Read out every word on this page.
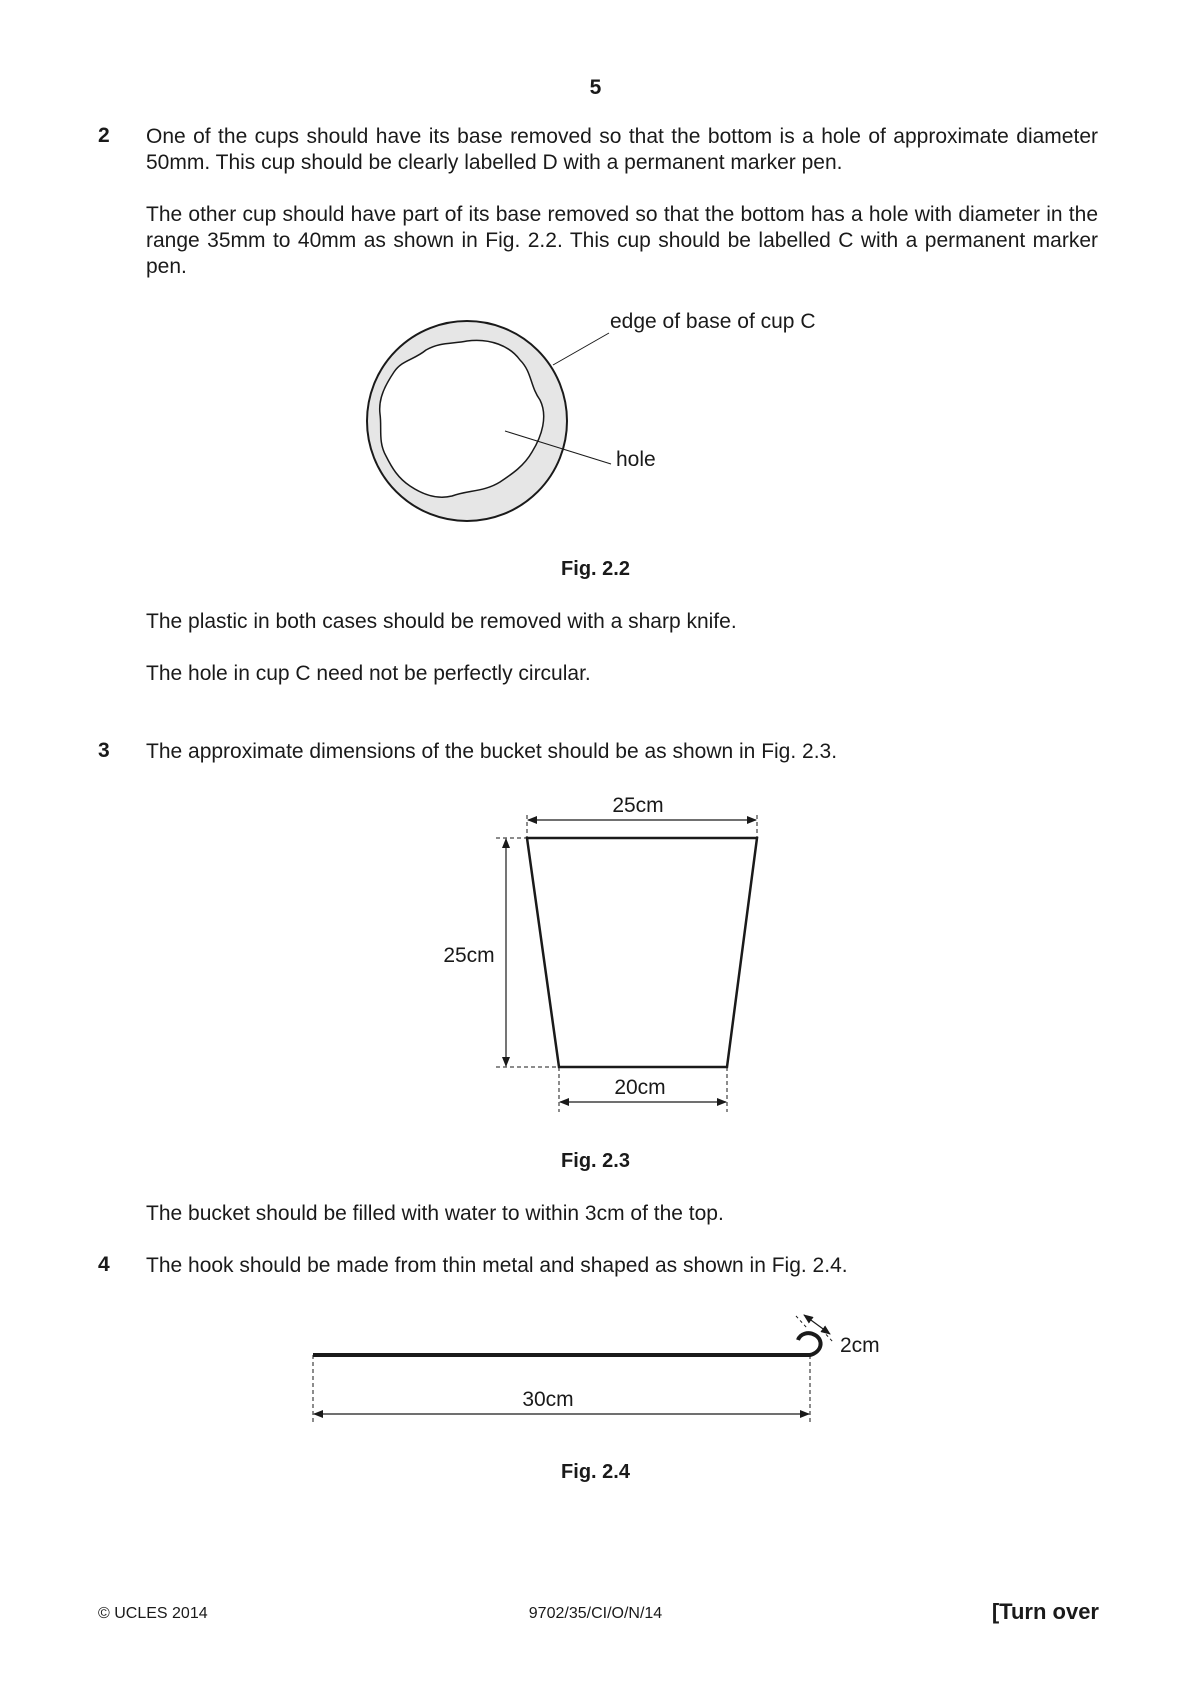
5
2 One of the cups should have its base removed so that the bottom is a hole of approximate diameter 50mm. This cup should be clearly labelled D with a permanent marker pen.
The other cup should have part of its base removed so that the bottom has a hole with diameter in the range 35mm to 40mm as shown in Fig. 2.2. This cup should be labelled C with a permanent marker pen.
edge of base of cup C
hole
Fig. 2.2
The plastic in both cases should be removed with a sharp knife.
The hole in cup C need not be perfectly circular.
3 The approximate dimensions of the bucket should be as shown in Fig. 2.3.
25cm
25cm
20cm
Fig. 2.3
The bucket should be filled with water to within 3cm of the top.
4 The hook should be made from thin metal and shaped as shown in Fig. 2.4.
2cm
30cm
Fig. 2.4
© UCLES 2014	9702/35/CI/O/N/14	[Turn over
